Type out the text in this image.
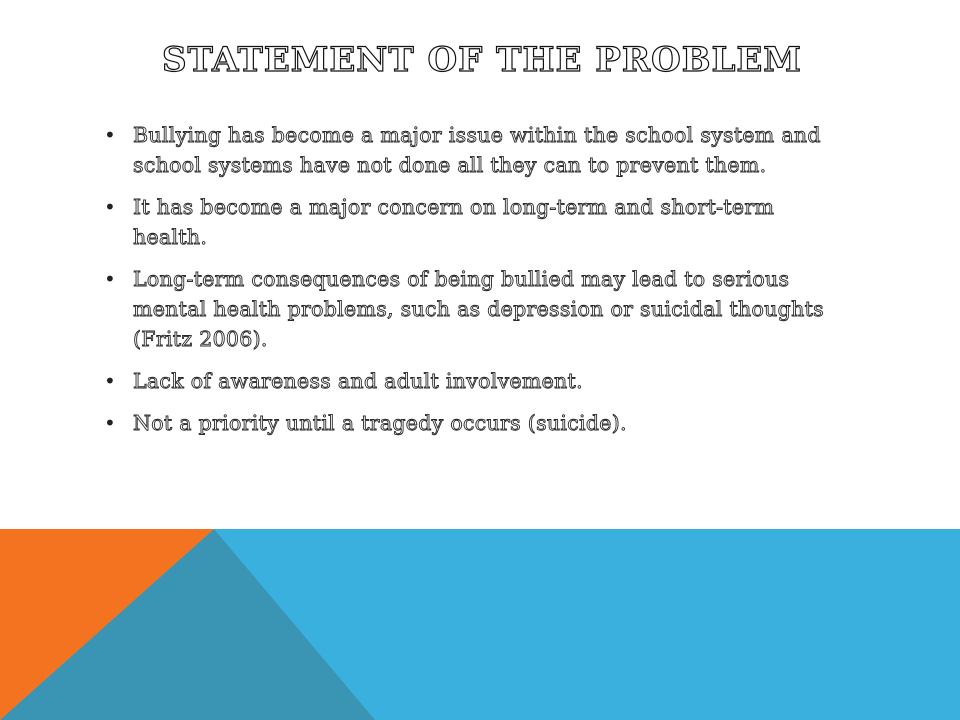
STATEMENT OF THE PROBLEM
• Bullying has become a major issue within the school system and school systems have not done all they can to prevent them.
• It has become a major concern on long-term and short-term health.
• Long-term consequences of being bullied may lead to serious mental health problems, such as depression or suicidal thoughts (Fritz 2006).
• Lack of awareness and adult involvement.
• Not a priority until a tragedy occurs (suicide).
